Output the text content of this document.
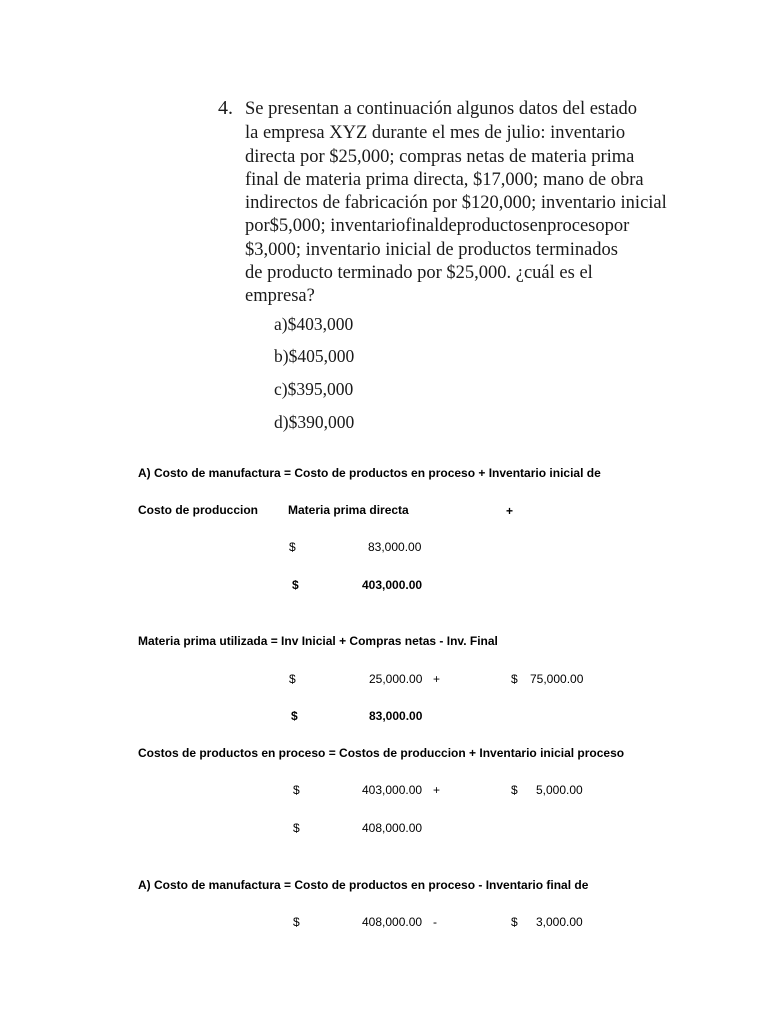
4. Se presentan a continuación algunos datos del estado
la empresa XYZ durante el mes de julio: inventario
directa por $25,000; compras netas de materia prima
final de materia prima directa, $17,000; mano de obra
indirectos de fabricación por $120,000; inventario inicial
por$5,000; inventariofinaldeproductosenprocesopor
$3,000; inventario inicial de productos terminados
de producto terminado por $25,000. ¿cuál es el
empresa?
a)$403,000
b)$405,000
c)$395,000
d)$390,000
A) Costo de manufactura = Costo de productos en proceso + Inventario inicial de
Costo de produccion	Materia prima directa	+
$	83,000.00
$	403,000.00
Materia prima utilizada = Inv Inicial + Compras netas - Inv. Final
$	25,000.00 +	$ 75,000.00
$	83,000.00
Costos de productos en proceso = Costos de produccion + Inventario inicial proceso
$	403,000.00 +	$ 5,000.00
$	408,000.00
A) Costo de manufactura = Costo de productos en proceso - Inventario final de
$	408,000.00 -	$ 3,000.00
